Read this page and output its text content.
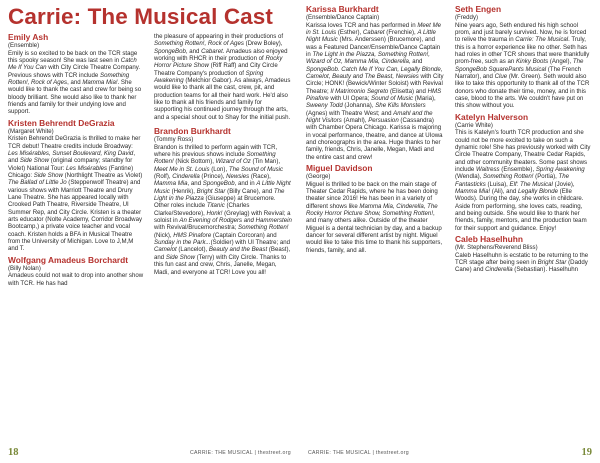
Carrie: The Musical Cast
Emily Ash
(Ensemble)
Emily is so excited to be back on the TCR stage this spooky season! She was last seen in Catch Me If You Can with City Circle Theatre Company. Previous shows with TCR include Something Rotten!, Rock of Ages, and Mamma Mia!. She would like to thank the cast and crew for being so bloody brilliant. She would also like to thank her friends and family for their undying love and support.
Kristen Behrendt DeGrazia
(Margaret White)
Kristen Behrendt DeGrazia is thrilled to make her TCR debut! Theatre credits include Broadway: Les Misérables, Sunset Boulevard, King David, and Side Show (original company; standby for Violet) National Tour: Les Misérables (Fantine) Chicago: Side Show (Northlight Theatre as Violet) The Ballad of Little Jo (Steppenwolf Theatre) and various shows with Marriott Theatre and Drury Lane Theatre. She has appeared locally with Crooked Path Theatre, Riverside Theatre, UI Summer Rep, and City Circle. Kristen is a theater arts educator (Nolte Academy, Corridor Broadway Bootcamp,) a private voice teacher and vocal coach. Kristen holds a BFA in Musical Theatre from the University of Michigan. Love to J,M,M and T.
Wolfgang Amadeus Borchardt
(Billy Nolan)
Amadeus could not wait to drop into another show with TCR. He has had
the pleasure of appearing in their productions of Something Rotten!, Rock of Ages (Drew Boley), SpongeBob, and Cabaret. Amadeus also enjoyed working with RHCR in their production of Rocky Horror Picture Show (Riff Raff) and City Circle Theatre Company's production of Spring Awakening (Melchior Gabor). As always, Amadeus would like to thank all the cast, crew, pit, and production teams for all their hard work. He'd also like to thank all his friends and family for supporting his continued journey through the arts, and a special shout out to Shay for the initial push.
Brandon Burkhardt
(Tommy Ross)
Brandon is thrilled to perform again with TCR, where his previous shows include Something Rotten! (Nick Bottom), Wizard of Oz (Tin Man), Meet Me in St. Louis (Lon), The Sound of Music (Rolf), Cinderella (Prince), Newsies (Race), Mamma Mia, and SpongeBob, and in A Little Night Music (Henrik), Bright Star (Billy Cane), and The Light in the Piazza (Giuseppe) at Brucemore. Other roles include Titanic (Charles Clarke/Stevedore), Honk! (Greylag) with Revival; a soloist in An Evening of Rodgers and Hammerstein with Revival/Brucemorchestra; Something Rotten! (Nick), HMS Pinafore (Captain Corcoran) and Sunday in the Park...(Soldier) with UI Theatre; and Camelot (Lancelot), Beauty and the Beast (Beast), and Side Show (Terry) with City Circle. Thanks to this fun cast and crew, Chris, Janelle, Megan, Madi, and everyone at TCR! Love you all!
Karissa Burkhardt
(Ensemble/Dance Captain)
Karissa loves TCR and has performed in Meet Me in St. Louis (Esther), Cabaret (Frenchie), A Little Night Music (Mrs. Anderssen) (Brucemore), and was a Featured Dancer/Ensemble/Dance Captain in The Light in the Piazza, Something Rotten!, Wizard of Oz, Mamma Mia, Cinderella, and SpongeBob. Catch Me If You Can, Legally Blonde, Camelot, Beauty and The Beast, Newsies with City Circle; HONK! (Bewick/Winter Soloist) with Revival Theatre; Il Matrimonio Segreto (Elisetta) and HMS Pinafore with UI Opera; Sound of Music (Maria), Sweeny Todd (Johanna), She Kills Monsters (Agnes) with Theatre West; and Amahl and the Night Visitors (Amahl), Persuasion (Cassandra) with Chamber Opera Chicago. Karissa is majoring in vocal performance, theatre, and dance at UIowa and choreographs in the area. Huge thanks to her family, friends, Chris, Janelle, Megan, Madi and the entire cast and crew!
Miguel Davidson
(George)
Miguel is thrilled to be back on the main stage of Theater Cedar Rapids, where he has been doing theater since 2016! He has been in a variety of different shows like Mamma Mia, Cinderella, The Rocky Horror Picture Show, Something Rotten!, and many others alike. Outside of the theater Miguel is a dental technician by day, and a backup dancer for several different artist by night. Miguel would like to take this time to thank his supporters, friends, family, and all.
Seth Engen
(Freddy)
Nine years ago, Seth endured his high school prom, and just barely survived. Now, he is forced to relive the trauma in Carrie: The Musical. Truly, this is a horror experience like no other. Seth has had roles in other TCR shows that were thankfully prom-free, such as an Kinky Boots (Angel), The SpongeBob SquarePants Musical (The French Narrator), and Clue (Mr. Green). Seth would also like to take this opportunity to thank all of the TCR donors who donate their time, money, and in this case, blood to the arts. We couldn't have put on this show without you.
Katelyn Halverson
(Carrie White)
This is Katelyn's fourth TCR production and she could not be more excited to take on such a dynamic role! She has previously worked with City Circle Theatre Company, Theatre Cedar Rapids, and other community theaters. Some past shows include Waitress (Ensemble), Spring Awakening (Wendla), Something Rotten! (Portia), The Fantasticks (Luisa), Elf: The Musical (Jovie), Mamma Mia! (Ali), and Legally Blonde (Elle Woods). During the day, she works in childcare. Aside from performing, she loves cats, reading, and being outside. She would like to thank her friends, family, mentors, and the production team for their support and guidance. Enjoy!
Caleb Haselhuhn
(Mr. Stephens/Reverend Bliss)
Caleb Haselhuhn is ecstatic to be returning to the TCR stage after being seen in Bright Star (Daddy Cane) and Cinderella (Sebastian). Haselhuhn
18	CARRIE: THE MUSICAL | thestreet.org	CARRIE: THE MUSICAL | thestreet.org	19
